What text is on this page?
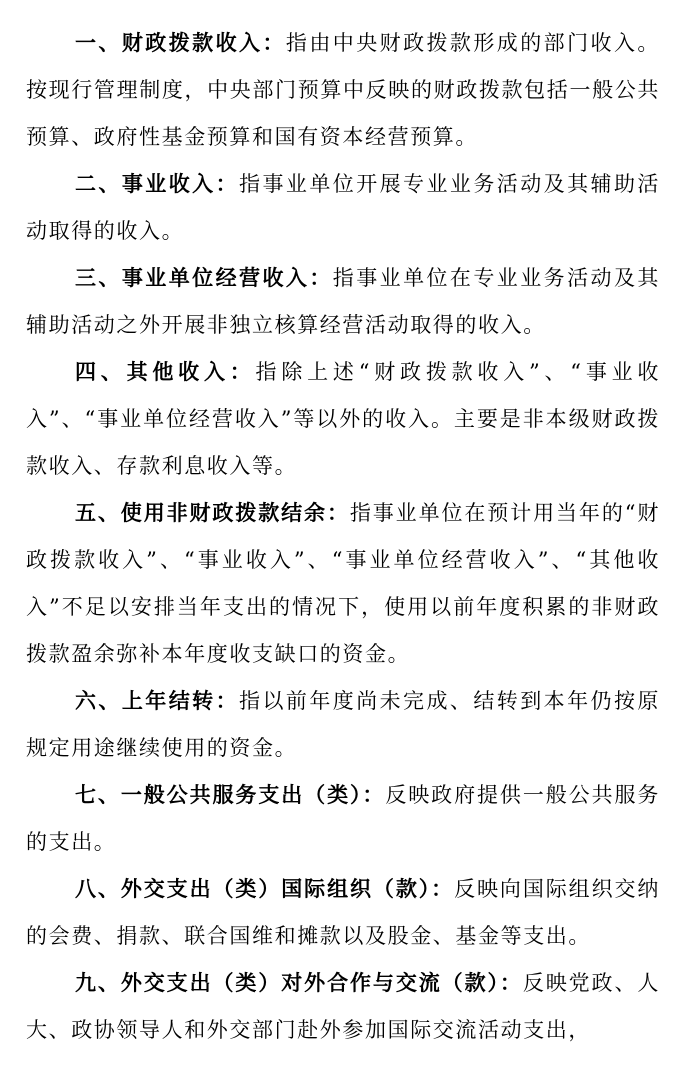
一、财政拨款收入：指由中央财政拨款形成的部门收入。按现行管理制度，中央部门预算中反映的财政拨款包括一般公共预算、政府性基金预算和国有资本经营预算。

二、事业收入：指事业单位开展专业业务活动及其辅助活动取得的收入。

三、事业单位经营收入：指事业单位在专业业务活动及其辅助活动之外开展非独立核算经营活动取得的收入。

四、其他收入：指除上述“财政拨款收入”、“事业收入”、“事业单位经营收入”等以外的收入。主要是非本级财政拨款收入、存款利息收入等。

五、使用非财政拨款结余：指事业单位在预计用当年的“财政拨款收入”、“事业收入”、“事业单位经营收入”、“其他收入”不足以安排当年支出的情况下，使用以前年度积累的非财政拨款盈余弥补本年度收支缺口的资金。

六、上年结转：指以前年度尚未完成、结转到本年仍按原规定用途继续使用的资金。

七、一般公共服务支出（类）：反映政府提供一般公共服务的支出。

八、外交支出（类）国际组织（款）：反映向国际组织交纳的会费、捐款、联合国维和摊款以及股金、基金等支出。

九、外交支出（类）对外合作与交流（款）：反映党政、人大、政协领导人和外交部门赴外参加国际交流活动支出，
